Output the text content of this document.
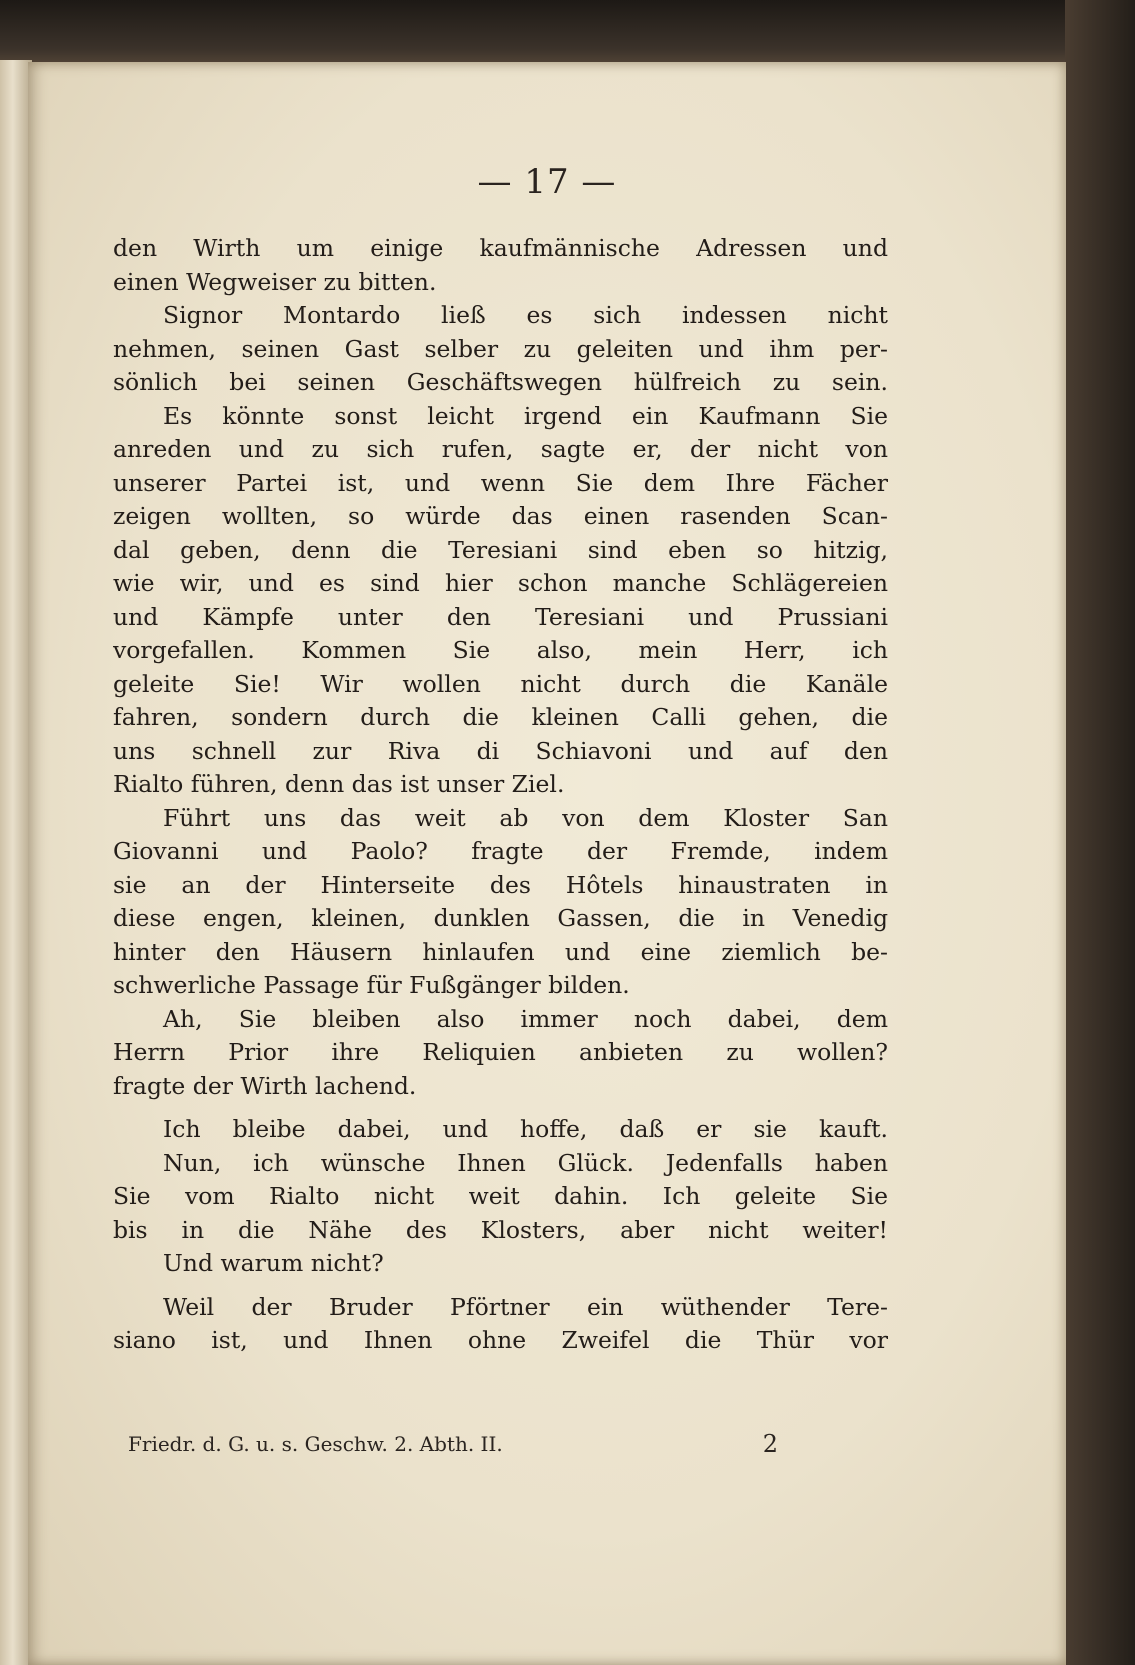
— 17 —
den Wirth um einige kaufmännische Adressen und
einen Wegweiser zu bitten.
Signor Montardo ließ es sich indessen nicht
nehmen, seinen Gast selber zu geleiten und ihm per-
sönlich bei seinen Geschäftswegen hülfreich zu sein.
Es könnte sonst leicht irgend ein Kaufmann Sie
anreden und zu sich rufen, sagte er, der nicht von
unserer Partei ist, und wenn Sie dem Ihre Fächer
zeigen wollten, so würde das einen rasenden Scan-
dal geben, denn die Teresiani sind eben so hitzig,
wie wir, und es sind hier schon manche Schlägereien
und Kämpfe unter den Teresiani und Prussiani
vorgefallen. Kommen Sie also, mein Herr, ich
geleite Sie! Wir wollen nicht durch die Kanäle
fahren, sondern durch die kleinen Calli gehen, die
uns schnell zur Riva di Schiavoni und auf den
Rialto führen, denn das ist unser Ziel.
Führt uns das weit ab von dem Kloster San
Giovanni und Paolo? fragte der Fremde, indem
sie an der Hinterseite des Hôtels hinaustraten in
diese engen, kleinen, dunklen Gassen, die in Venedig
hinter den Häusern hinlaufen und eine ziemlich be-
schwerliche Passage für Fußgänger bilden.
Ah, Sie bleiben also immer noch dabei, dem
Herrn Prior ihre Reliquien anbieten zu wollen?
fragte der Wirth lachend.
Ich bleibe dabei, und hoffe, daß er sie kauft.
Nun, ich wünsche Ihnen Glück. Jedenfalls haben
Sie vom Rialto nicht weit dahin. Ich geleite Sie
bis in die Nähe des Klosters, aber nicht weiter!
Und warum nicht?
Weil der Bruder Pförtner ein wüthender Tere-
siano ist, und Ihnen ohne Zweifel die Thür vor
Friedr. d. G. u. s. Geschw. 2. Abth. II.	2
